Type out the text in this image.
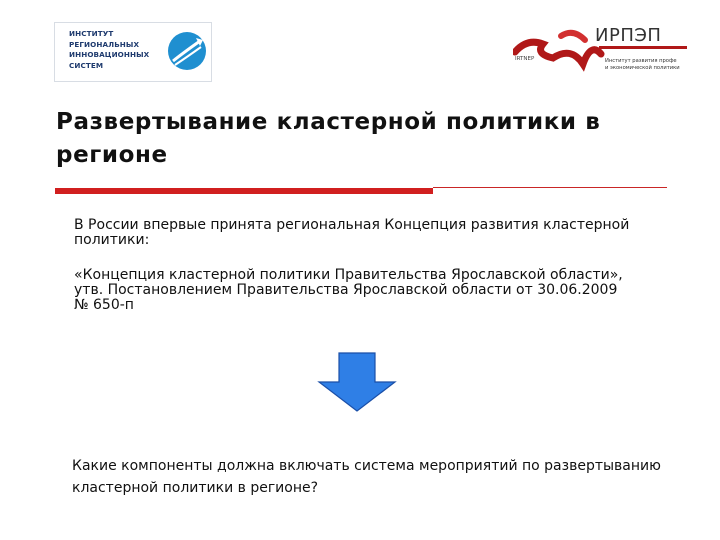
ИНСТИТУТ
РЕГИОНАЛЬНЫХ
ИННОВАЦИОННЫХ
СИСТЕМ
ИРПЭП
IRTNEP	Институт развития профе
и экономической политики
Развертывание кластерной политики в регионе
В России впервые принята региональная Концепция развития кластерной политики:
«Концепция кластерной политики Правительства Ярославской области», утв. Постановлением Правительства Ярославской области от 30.06.2009 № 650-п
Какие компоненты должна включать система мероприятий по развертыванию кластерной политики в регионе?
